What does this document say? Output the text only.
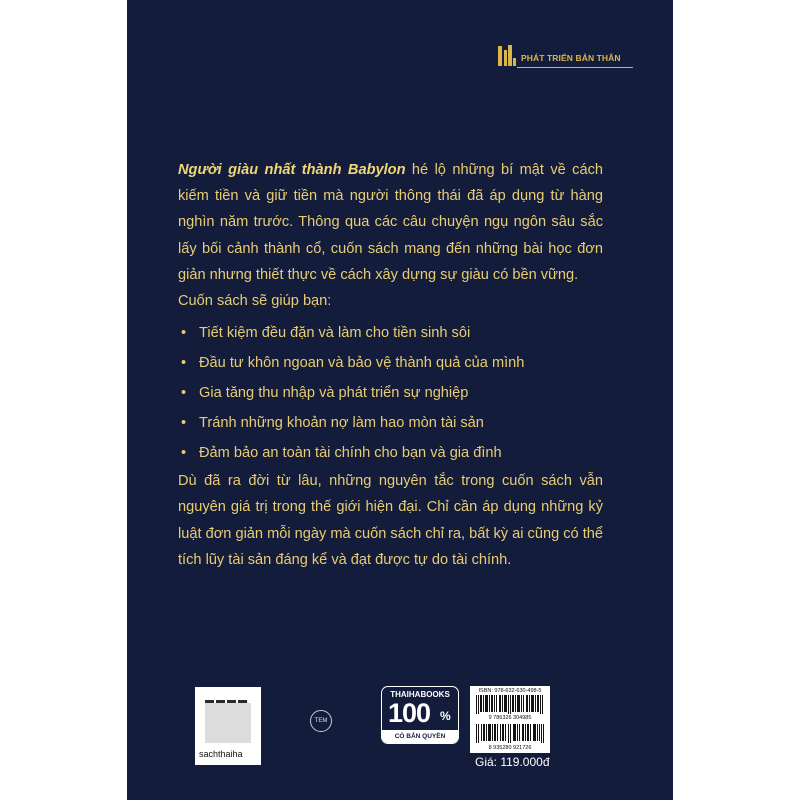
PHÁT TRIỂN BẢN THÂN

Người giàu nhất thành Babylon hé lộ những bí mật về cách kiếm tiền và giữ tiền mà người thông thái đã áp dụng từ hàng nghìn năm trước. Thông qua các câu chuyện ngụ ngôn sâu sắc lấy bối cảnh thành cổ, cuốn sách mang đến những bài học đơn giản nhưng thiết thực về cách xây dựng sự giàu có bền vững.

Cuốn sách sẽ giúp bạn:

• Tiết kiệm đều đặn và làm cho tiền sinh sôi
• Đầu tư khôn ngoan và bảo vệ thành quả của mình
• Gia tăng thu nhập và phát triển sự nghiệp
• Tránh những khoản nợ làm hao mòn tài sản
• Đảm bảo an toàn tài chính cho bạn và gia đình

Dù đã ra đời từ lâu, những nguyên tắc trong cuốn sách vẫn nguyên giá trị trong thế giới hiện đại. Chỉ cần áp dụng những kỷ luật đơn giản mỗi ngày mà cuốn sách chỉ ra, bất kỳ ai cũng có thể tích lũy tài sản đáng kể và đạt được tự do tài chính.

sachthaiha
TEM
THAIHABOOKS
100 %
CÓ BẢN QUYỀN
ISBN: 978-632-630-498-5
9 786326 304985
8 935280 921726
Giá: 119.000đ
